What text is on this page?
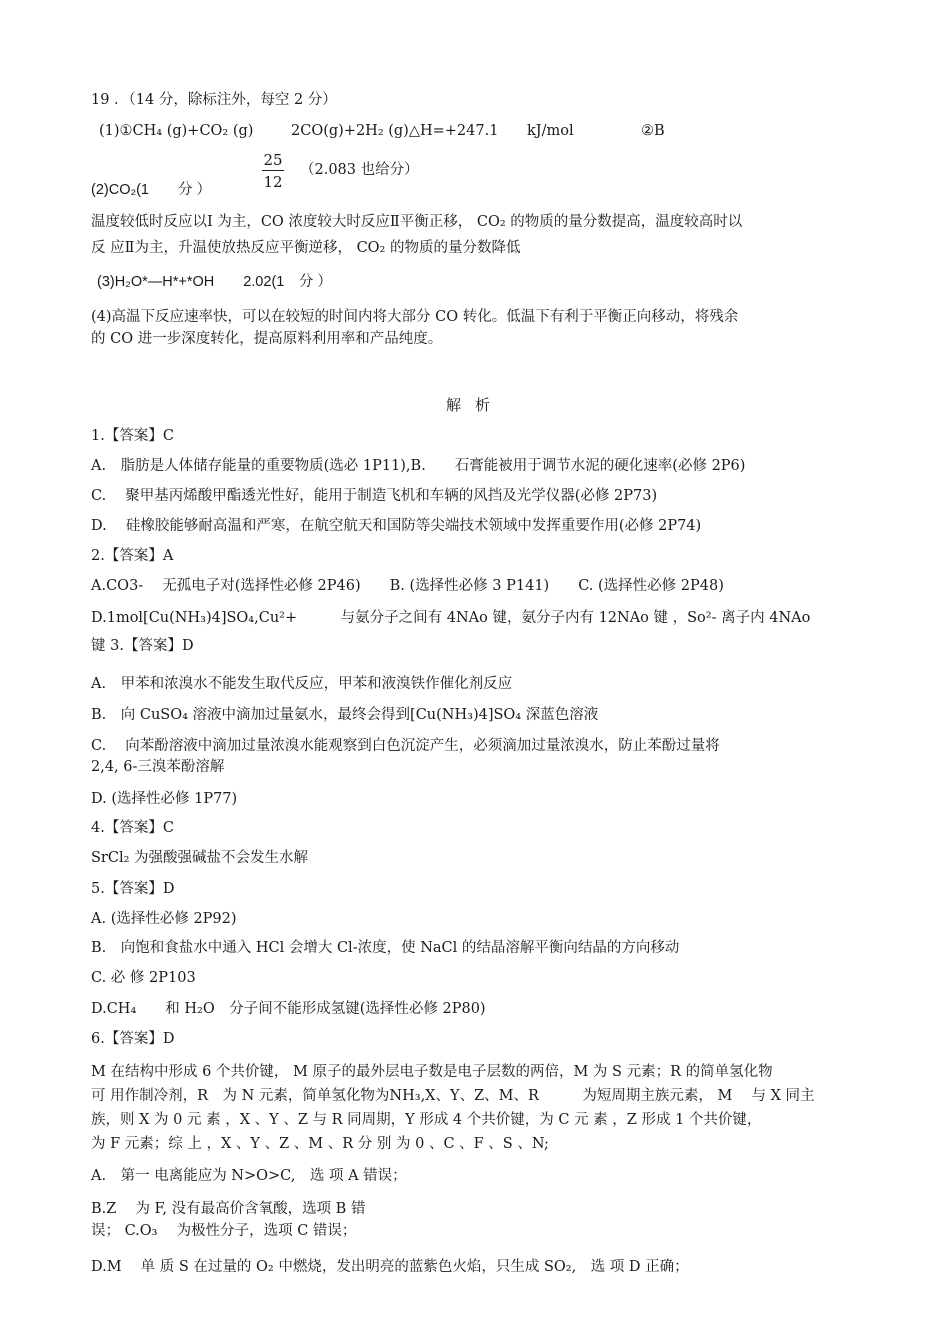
19 ．（14 分，除标注外，每空 2 分）
(1)①CH₄ (g)+CO₂ (g)	2CO(g)+2H₂ (g)△H=+247.1 kJ/mol	②B
$\frac{25}{12} (2.083$ 也给分）
(2)CO₂(1　　分 ）
温度较低时反应以Ⅰ 为主，CO 浓度较大时反应Ⅱ平衡正移， CO₂ 的物质的量分数提高，温度较高时以
反 应Ⅱ为主，升温使放热反应平衡逆移， CO₂ 的物质的量分数降低
(3)H₂O*—H*+*OH　　2.02(1　分 ）
(4)高温下反应速率快，可以在较短的时间内将大部分 CO 转化。低温下有利于平衡正向移动，将残余
的 CO 进一步深度转化，提高原料利用率和产品纯度。
解析
1.【答案】C
A.　脂肪是人体储存能量的重要物质(选必 1P11),B.　　石膏能被用于调节水泥的硬化速率(必修 2P6)
C.　 聚甲基丙烯酸甲酯透光性好，能用于制造飞机和车辆的风挡及光学仪器(必修 2P73)
D.　 硅橡胶能够耐高温和严寒，在航空航天和国防等尖端技术领域中发挥重要作用(必修 2P74)
2.【答案】A
A.CO3-　 无孤电子对(选择性必修 2P46)　　B. (选择性必修 3 P141)　　C. (选择性必修 2P48)
D.1mol[Cu(NH₃)4]SO₄,Cu²+　　　与氨分子之间有 4NAo 键，氨分子内有 12NAo 键 ，So²- 离子内 4NAo
键 3.【答案】D
A.　甲苯和浓溴水不能发生取代反应，甲苯和液溴铁作催化剂反应
B.　向 CuSO₄ 溶液中滴加过量氨水，最终会得到[Cu(NH₃)4]SO₄ 深蓝色溶液
C.　 向苯酚溶液中滴加过量浓溴水能观察到白色沉淀产生，必须滴加过量浓溴水，防止苯酚过量将
2,4, 6-三溴苯酚溶解
D. (选择性必修 1P77)
4.【答案】C
SrCl₂ 为强酸强碱盐不会发生水解
5.【答案】D
A. (选择性必修 2P92)
B.　向饱和食盐水中通入 HCl 会增大 Cl-浓度，使 NaCl 的结晶溶解平衡向结晶的方向移动
C. 必 修 2P103
D.CH₄　　和 H₂O　分子间不能形成氢键(选择性必修 2P80)
6.【答案】D
M 在结构中形成 6 个共价键， M 原子的最外层电子数是电子层数的两倍，M 为 S 元素；R 的简单氢化物
可 用作制冷剂，R　为 N 元素，简单氢化物为NH₃,X、Y、Z、M、R　　　为短周期主族元素， M　 与 X 同主
族，则 X 为 0 元 素 ，X 、Y 、Z 与 R 同周期，Y 形成 4 个共价键，为 C 元 素 ，Z 形成 1 个共价键，
为 F 元素；综 上 ，X 、Y 、Z 、M 、R 分 别 为 0 、C 、F 、S 、N;
A.　第一 电离能应为 N>O>C,　选 项 A 错误；
B.Z　 为 F, 没有最高价含氧酸，选项 B 错
误； C.O₃　 为极性分子，选项 C 错误；
D.M　 单 质 S 在过量的 O₂ 中燃烧，发出明亮的蓝紫色火焰，只生成 SO₂,　选 项 D 正确；
